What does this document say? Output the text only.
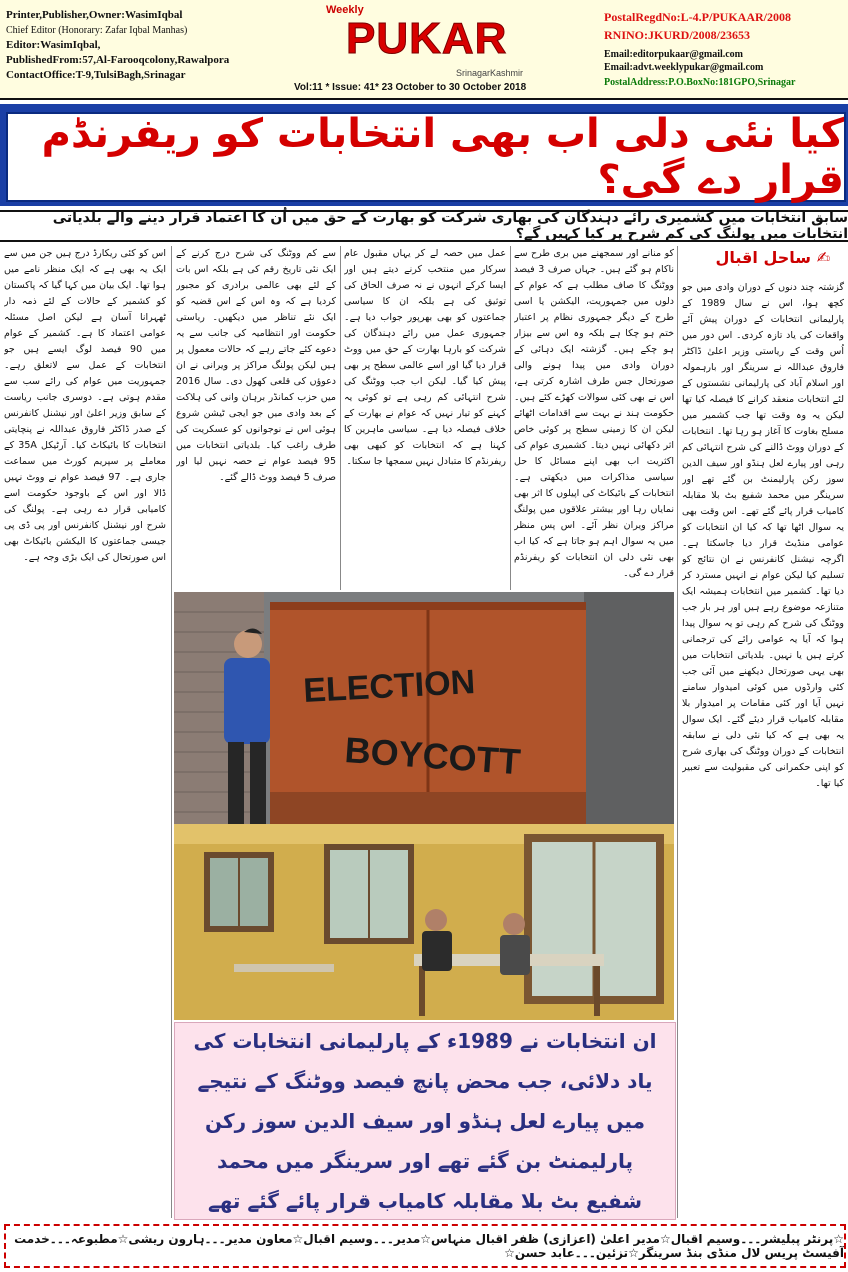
Printer,Publisher,Owner:WasimIqbal
Chief Editor (Honorary: Zafar Iqbal Manhas)
Editor:WasimIqbal,
PublishedFrom:57,Al-Farooqcolony,Rawalpora
ContactOffice:T-9,TulsiBagh,Srinagar
Weekly
PUKAR
SrinagarKashmir
Vol:11 * Issue: 41* 23 October to 30 October 2018
PostalRegdNo:L-4.P/PUKAAR/2008
RNINO:JKURD/2008/23653
Email:editorpukaar@gmail.com
Email:advt.weeklypukar@gmail.com
PostalAddress:P.O.BoxNo:181GPO,Srinagar
کیا نئی دلی اب بھی انتخابات کو ریفرنڈم قرار دے گی؟
سابق انتخابات میں کشمیری رائے دہندگان کی بھاری شرکت کو بھارت کے حق میں اُن کا اعتماد قرار دینے والے بلدیاتی انتخابات میں پولنگ کی کم شرح پر کیا کہیں گے؟
✍ ساحل اقبال
گزشتہ چند دنوں کے دوران وادی میں جو کچھ ہوا، اس نے سال 1989 کے پارلیمانی انتخابات کے دوران پیش آئے واقعات کی یاد تازہ کردی۔ اس دور میں اُس وقت کے ریاستی وزیر اعلیٰ ڈاکٹر فاروق عبداللہ نے سرینگر اور بارہمولہ اور اسلام آباد کی پارلیمانی نشستوں کے لئے انتخابات منعقد کرانے کا فیصلہ کیا تھا لیکن یہ وہ وقت تھا جب کشمیر میں مسلح بغاوت کا آغاز ہو رہا تھا۔ انتخابات کے دوران ووٹ ڈالنے کی شرح انتہائی کم رہی اور پیارے لعل ہنڈو اور سیف الدین سوز رکن پارلیمنٹ بن گئے تھے اور سرینگر میں محمد شفیع بٹ بلا مقابلہ کامیاب قرار پائے گئے تھے۔ اس وقت بھی یہ سوال اٹھا تھا کہ کیا ان انتخابات کو عوامی منڈیٹ قرار دیا جاسکتا ہے۔ اگرچہ نیشنل کانفرنس نے ان نتائج کو تسلیم کیا لیکن عوام نے انہیں مسترد کر دیا تھا۔ کشمیر میں انتخابات ہمیشہ ایک متنازعہ موضوع رہے ہیں اور ہر بار جب ووٹنگ کی شرح کم رہی تو یہ سوال پیدا ہوا کہ آیا یہ عوامی رائے کی ترجمانی کرتے ہیں یا نہیں۔ بلدیاتی انتخابات میں بھی یہی صورتحال دیکھنے میں آئی جب کئی وارڈوں میں کوئی امیدوار سامنے نہیں آیا اور کئی مقامات پر امیدوار بلا مقابلہ کامیاب قرار دیئے گئے۔ ایک سوال یہ بھی ہے کہ کیا نئی دلی نے سابقہ انتخابات کے دوران ووٹنگ کی بھاری شرح کو اپنی حکمرانی کی مقبولیت سے تعبیر کیا تھا۔
کو منانے اور سمجھنے میں بری طرح سے ناکام ہو گئے ہیں۔ جہاں صرف 3 فیصد ووٹنگ کا صاف مطلب ہے کہ عوام کے دلوں میں جمہوریت، الیکشن یا اسی طرح کے دیگر جمہوری نظام پر اعتبار ختم ہو چکا ہے بلکہ وہ اس سے بیزار ہو چکے ہیں۔ گزشتہ ایک دہائی کے دوران وادی میں پیدا ہونے والی صورتحال جس طرف اشارہ کرتی ہے، اس نے بھی کئی سوالات کھڑے کئے ہیں۔ حکومت ہند نے بہت سے اقدامات اٹھائے لیکن ان کا زمینی سطح پر کوئی خاص اثر دکھائی نہیں دیتا۔ کشمیری عوام کی اکثریت اب بھی اپنے مسائل کا حل سیاسی مذاکرات میں دیکھتی ہے۔ انتخابات کے بائیکاٹ کی اپیلوں کا اثر بھی نمایاں رہا اور بیشتر علاقوں میں پولنگ مراکز ویران نظر آئے۔ اس پس منظر میں یہ سوال اہم ہو جاتا ہے کہ کیا اب بھی نئی دلی ان انتخابات کو ریفرنڈم قرار دے گی۔
عمل میں حصہ لے کر یہاں مقبول عام سرکار میں منتخب کرنے دیتے ہیں اور ایسا کرکے انہوں نے نہ صرف الحاق کی توثیق کی ہے بلکہ ان کا سیاسی جماعتوں کو بھی بھرپور جواب دیا ہے۔ جمہوری عمل میں رائے دہندگان کی شرکت کو بارہا بھارت کے حق میں ووٹ قرار دیا گیا اور اسے عالمی سطح پر بھی پیش کیا گیا۔ لیکن اب جب ووٹنگ کی شرح انتہائی کم رہی ہے تو کوئی یہ کہنے کو تیار نہیں کہ عوام نے بھارت کے خلاف فیصلہ دیا ہے۔ سیاسی ماہرین کا کہنا ہے کہ انتخابات کو کبھی بھی ریفرنڈم کا متبادل نہیں سمجھا جا سکتا۔
سے کم ووٹنگ کی شرح درج کرنے کے ایک نئی تاریخ رقم کی ہے بلکہ اس بات کے لئے بھی عالمی برادری کو مجبور کردیا ہے کہ وہ اس کے اس قضیہ کو ایک نئے تناظر میں دیکھیں۔ ریاستی حکومت اور انتظامیہ کی جانب سے یہ دعوے کئے جاتے رہے کہ حالات معمول پر ہیں لیکن پولنگ مراکز پر ویرانی نے ان دعوؤں کی قلعی کھول دی۔ سال 2016 میں حزب کمانڈر برہان وانی کی ہلاکت کے بعد وادی میں جو ایجی ٹیشن شروع ہوئی اس نے نوجوانوں کو عسکریت کی طرف راغب کیا۔ بلدیاتی انتخابات میں 95 فیصد عوام نے حصہ نہیں لیا اور صرف 5 فیصد ووٹ ڈالے گئے۔
اس کو کئی ریکارڈ درج ہیں جن میں سے ایک یہ بھی ہے کہ ایک منظر نامے میں ہوا تھا۔ ایک بیان میں کہا گیا کہ پاکستان کو کشمیر کے حالات کے لئے ذمہ دار ٹھہرانا آسان ہے لیکن اصل مسئلہ عوامی اعتماد کا ہے۔ کشمیر کے عوام میں 90 فیصد لوگ ایسے ہیں جو انتخابات کے عمل سے لاتعلق رہے۔ جمہوریت میں عوام کی رائے سب سے مقدم ہوتی ہے۔ دوسری جانب ریاست کے سابق وزیر اعلیٰ اور نیشنل کانفرنس کے صدر ڈاکٹر فاروق عبداللہ نے پنچایتی انتخابات کا بائیکاٹ کیا۔ آرٹیکل 35A کے معاملے پر سپریم کورٹ میں سماعت جاری ہے۔ 97 فیصد عوام نے ووٹ نہیں ڈالا اور اس کے باوجود حکومت اسے کامیابی قرار دے رہی ہے۔ پولنگ کی شرح اور نیشنل کانفرنس اور پی ڈی پی جیسی جماعتوں کا الیکشن بائیکاٹ بھی اس صورتحال کی ایک بڑی وجہ ہے۔
ELECTION
BOYCOTT
ان انتخابات نے 1989ء کے پارلیمانی انتخابات کی یاد دلائی، جب محض پانچ فیصد ووٹنگ کے نتیجے میں پیارے لعل ہنڈو اور سیف الدین سوز رکن پارلیمنٹ بن گئے تھے اور سرینگر میں محمد شفیع بٹ بلا مقابلہ کامیاب قرار پائے گئے تھے
☆پرنٹر پبلیشر۔۔۔وسیم اقبال☆مدیر اعلیٰ (اعزازی) ظفر اقبال منہاس☆مدیر۔۔۔وسیم اقبال☆معاون مدیر۔۔۔ہارون ریشی☆مطبوعہ۔۔۔خدمت آفیسٹ پریس لال منڈی بنڈ سرینگر☆تزئین۔۔۔عابد حسن☆
